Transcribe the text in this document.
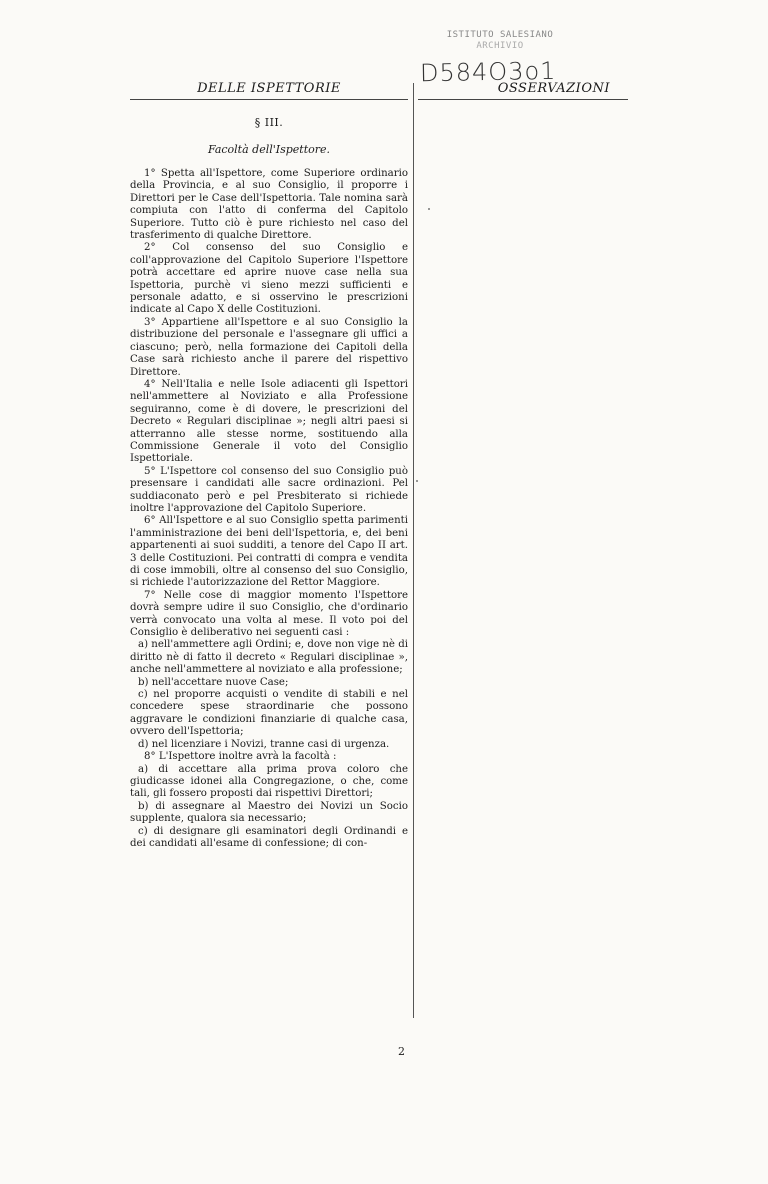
ISTITUTO SALESIANO
ARCHIVIO
D584O3o1
DELLE ISPETTORIE
§ III.
Facoltà dell'Ispettore.

1° Spetta all'Ispettore, come Superiore ordinario della Provincia, e al suo Consiglio, il proporre i Direttori per le Case dell'Ispettoria. Tale nomina sarà compiuta con l'atto di conferma del Capitolo Superiore. Tutto ciò è pure richiesto nel caso del trasferimento di qualche Direttore.

2° Col consenso del suo Consiglio e coll'approvazione del Capitolo Superiore l'Ispettore potrà accettare ed aprire nuove case nella sua Ispettoria, purchè vi sieno mezzi sufficienti e personale adatto, e si osservino le prescrizioni indicate al Capo X delle Costituzioni.

3° Appartiene all'Ispettore e al suo Consiglio la distribuzione del personale e l'assegnare gli uffici a ciascuno; però, nella formazione dei Capitoli della Case sarà richiesto anche il parere del rispettivo Direttore.

4° Nell'Italia e nelle Isole adiacenti gli Ispettori nell'ammettere al Noviziato e alla Professione seguiranno, come è di dovere, le prescrizioni del Decreto « Regulari disciplinae »; negli altri paesi si atterranno alle stesse norme, sostituendo alla Commissione Generale il voto del Consiglio Ispettoriale.

5° L'Ispettore col consenso del suo Consiglio può presensare i candidati alle sacre ordinazioni. Pel suddiaconato però e pel Presbiterato si richiede inoltre l'approvazione del Capitolo Superiore.

6° All'Ispettore e al suo Consiglio spetta parimenti l'amministrazione dei beni dell'Ispettoria, e, dei beni appartenenti ai suoi sudditi, a tenore del Capo II art. 3 delle Costituzioni. Pei contratti di compra e vendita di cose immobili, oltre al consenso del suo Consiglio, si richiede l'autorizzazione del Rettor Maggiore.

7° Nelle cose di maggior momento l'Ispettore dovrà sempre udire il suo Consiglio, che d'ordinario verrà convocato una volta al mese. Il voto poi del Consiglio è deliberativo nei seguenti casi :

a) nell'ammettere agli Ordini; e, dove non vige nè di diritto nè di fatto il decreto « Regulari disciplinae », anche nell'ammettere al noviziato e alla professione;

b) nell'accettare nuove Case;

c) nel proporre acquisti o vendite di stabili e nel concedere spese straordinarie che possono aggravare le condizioni finanziarie di qualche casa, ovvero dell'Ispettoria;

d) nel licenziare i Novizi, tranne casi di urgenza.

8° L'Ispettore inoltre avrà la facoltà :

a) di accettare alla prima prova coloro che giudicasse idonei alla Congregazione, o che, come tali, gli fossero proposti dai rispettivi Direttori;

b) di assegnare al Maestro dei Novizi un Socio supplente, qualora sia necessario;

c) di designare gli esaminatori degli Ordinandi e dei candidati all'esame di confessione; di con-

OSSERVAZIONI
2
